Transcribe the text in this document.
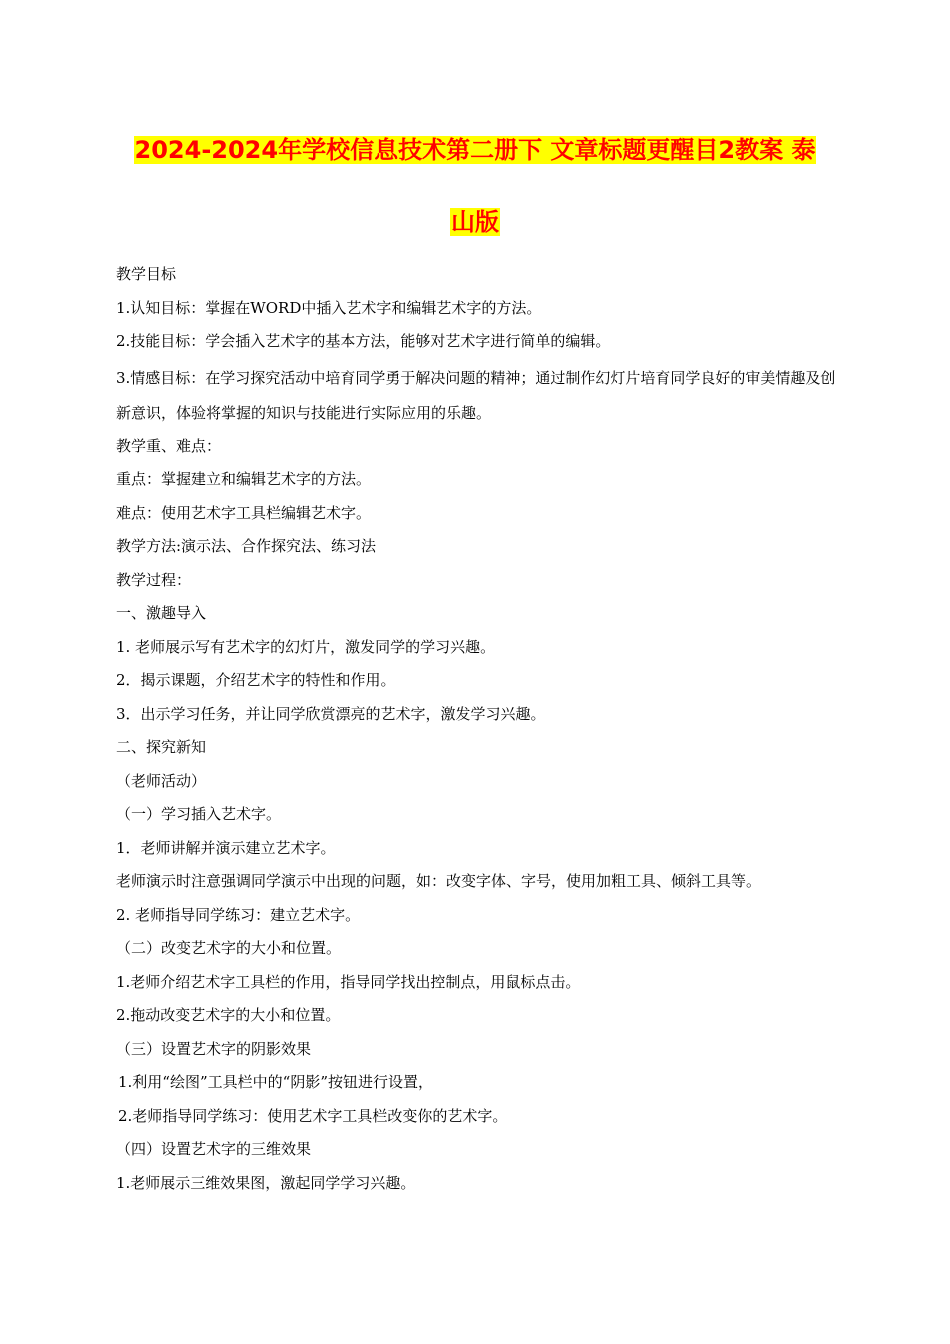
2024-2024年学校信息技术第二册下 文章标题更醒目2教案 泰
山版
教学目标
1.认知目标：掌握在WORD中插入艺术字和编辑艺术字的方法。
2.技能目标：学会插入艺术字的基本方法，能够对艺术字进行简单的编辑。
3.情感目标：在学习探究活动中培育同学勇于解决问题的精神；通过制作幻灯片培育同学良好的审美情趣及创新意识，体验将掌握的知识与技能进行实际应用的乐趣。
教学重、难点：
重点：掌握建立和编辑艺术字的方法。
难点：使用艺术字工具栏编辑艺术字。
教学方法:演示法、合作探究法、练习法
教学过程：
一、激趣导入
1. 老师展示写有艺术字的幻灯片，激发同学的学习兴趣。
2．揭示课题，介绍艺术字的特性和作用。
3．出示学习任务，并让同学欣赏漂亮的艺术字，激发学习兴趣。
二、探究新知
（老师活动）
（一）学习插入艺术字。
1．老师讲解并演示建立艺术字。
老师演示时注意强调同学演示中出现的问题，如：改变字体、字号，使用加粗工具、倾斜工具等。
2. 老师指导同学练习：建立艺术字。
（二）改变艺术字的大小和位置。
1.老师介绍艺术字工具栏的作用，指导同学找出控制点，用鼠标点击。
2.拖动改变艺术字的大小和位置。
（三）设置艺术字的阴影效果
1.利用“绘图”工具栏中的“阴影”按钮进行设置，
2.老师指导同学练习：使用艺术字工具栏改变你的艺术字。
（四）设置艺术字的三维效果
1.老师展示三维效果图，激起同学学习兴趣。
